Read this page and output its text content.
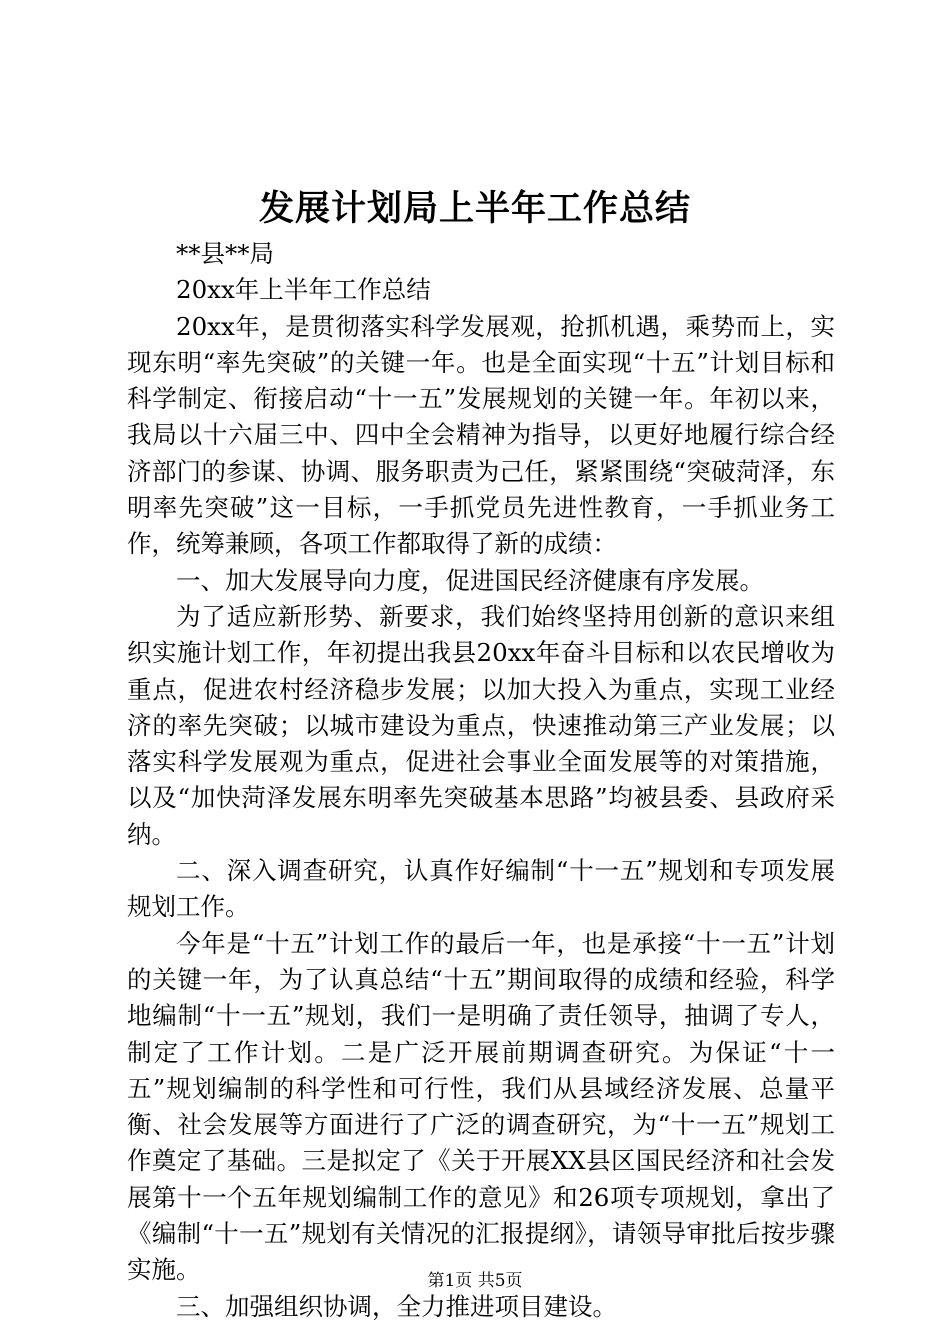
发展计划局上半年工作总结

**县**局

20xx年上半年工作总结

20xx年，是贯彻落实科学发展观，抢抓机遇，乘势而上，实现东明“率先突破”的关键一年。也是全面实现“十五”计划目标和科学制定、衔接启动“十一五”发展规划的关键一年。年初以来，我局以十六届三中、四中全会精神为指导，以更好地履行综合经济部门的参谋、协调、服务职责为己任，紧紧围绕“突破菏泽，东明率先突破”这一目标，一手抓党员先进性教育，一手抓业务工作，统筹兼顾，各项工作都取得了新的成绩：

一、加大发展导向力度，促进国民经济健康有序发展。

为了适应新形势、新要求，我们始终坚持用创新的意识来组织实施计划工作，年初提出我县20xx年奋斗目标和以农民增收为重点，促进农村经济稳步发展；以加大投入为重点，实现工业经济的率先突破；以城市建设为重点，快速推动第三产业发展；以落实科学发展观为重点，促进社会事业全面发展等的对策措施，以及“加快菏泽发展东明率先突破基本思路”均被县委、县政府采纳。

二、深入调查研究，认真作好编制“十一五”规划和专项发展规划工作。

今年是“十五”计划工作的最后一年，也是承接“十一五”计划的关键一年，为了认真总结“十五”期间取得的成绩和经验，科学地编制“十一五”规划，我们一是明确了责任领导，抽调了专人，制定了工作计划。二是广泛开展前期调查研究。为保证“十一五”规划编制的科学性和可行性，我们从县域经济发展、总量平衡、社会发展等方面进行了广泛的调查研究，为“十一五”规划工作奠定了基础。三是拟定了《关于开展XX县区国民经济和社会发展第十一个五年规划编制工作的意见》和26项专项规划，拿出了《编制“十一五”规划有关情况的汇报提纲》，请领导审批后按步骤实施。

三、加强组织协调，全力推进项目建设。

第1页 共5页
